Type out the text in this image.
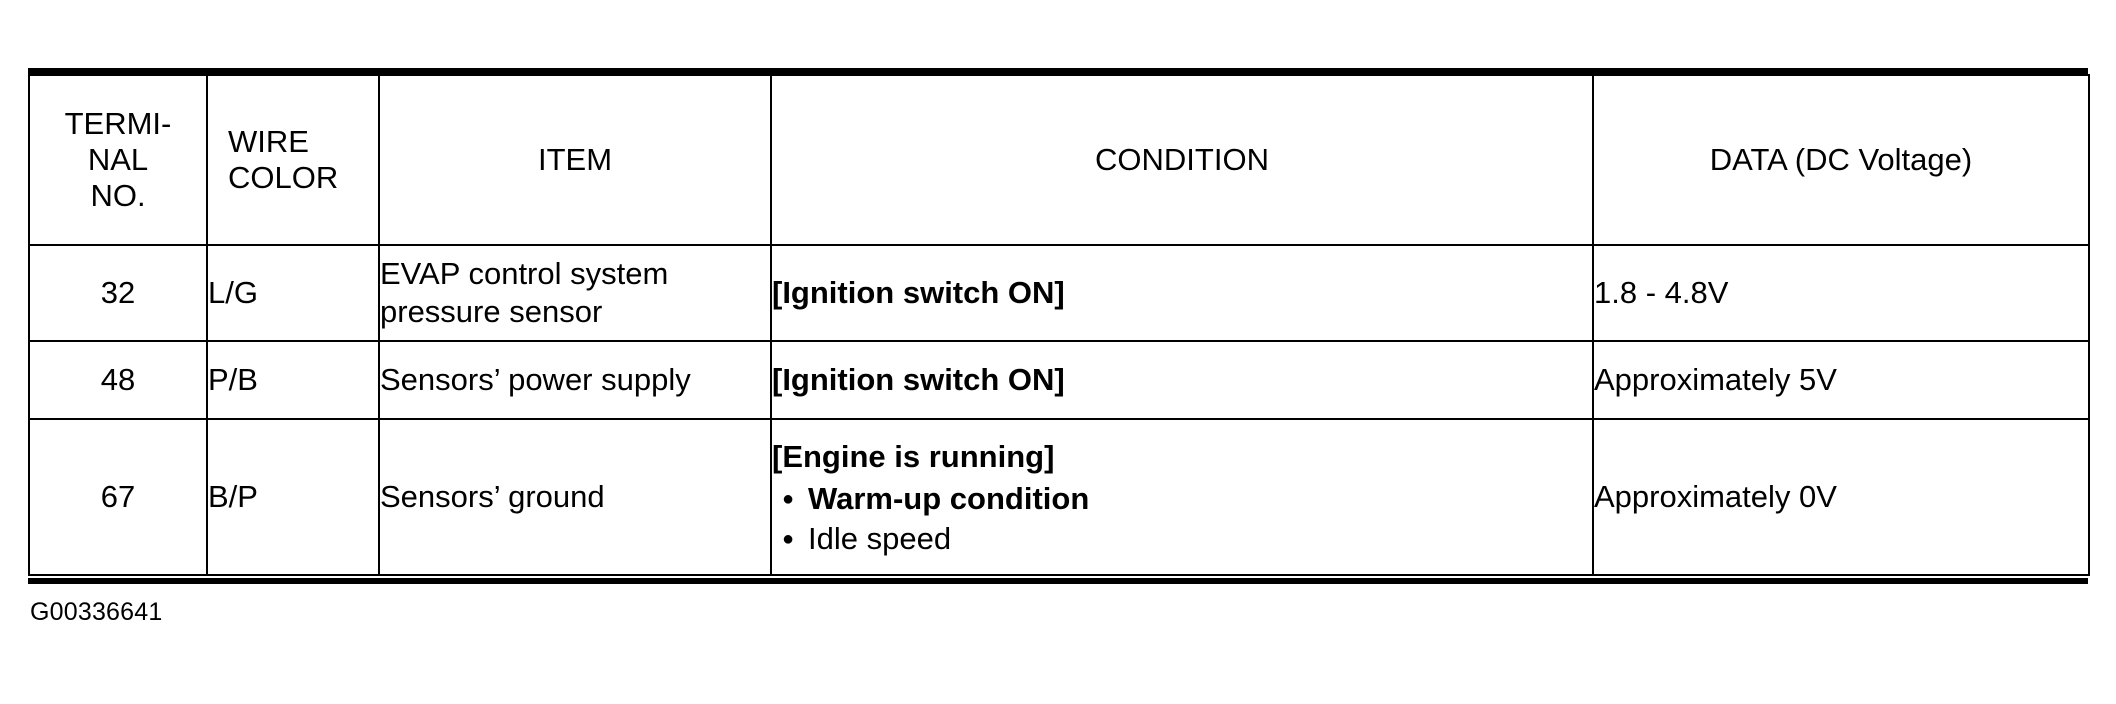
TERMI-
NAL
NO.	WIRE
COLOR	ITEM	CONDITION	DATA (DC Voltage)
32	L/G	EVAP control system
pressure sensor	[Ignition switch ON]	1.8 - 4.8V
48	P/B	Sensors’ power supply	[Ignition switch ON]	Approximately 5V
67	B/P	Sensors’ ground	[Engine is running]
● Warm-up condition
● Idle speed	Approximately 0V
G00336641
